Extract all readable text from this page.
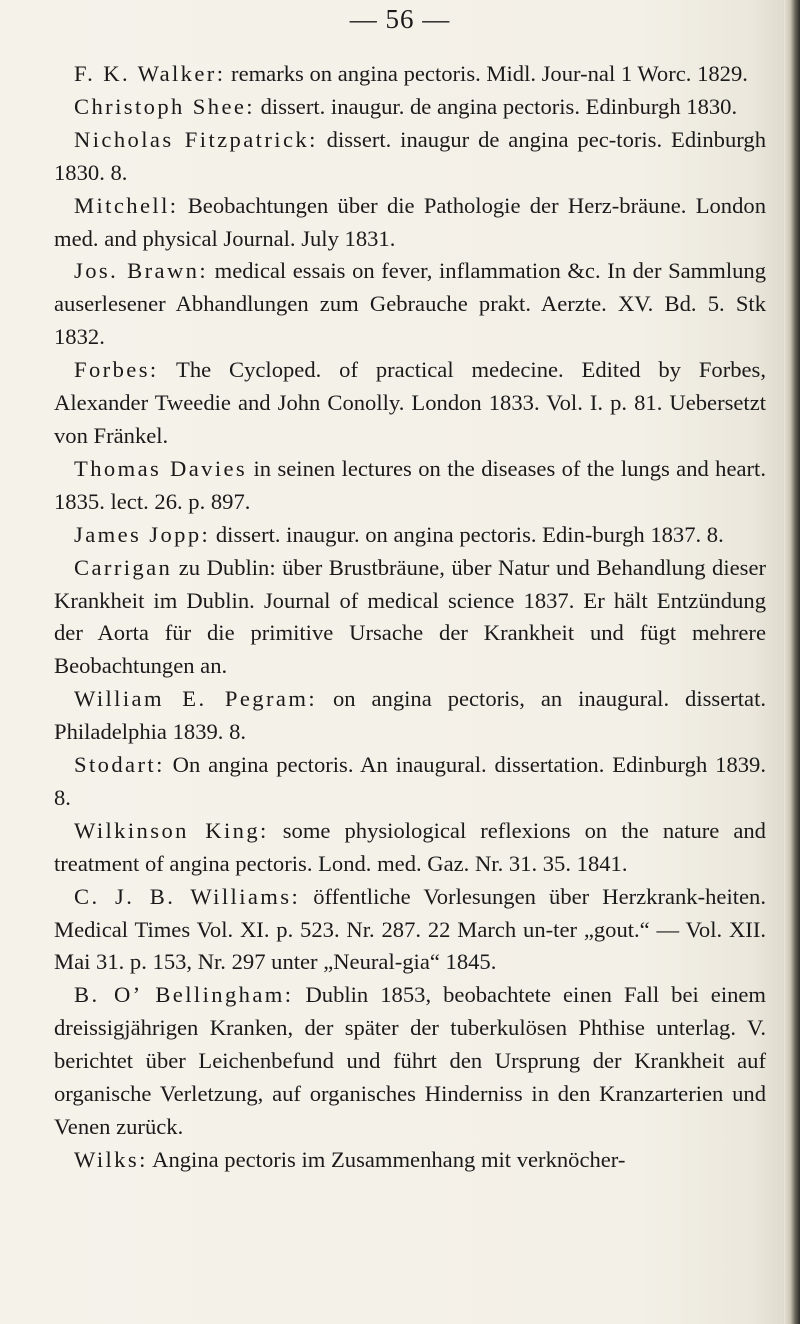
— 56 —

F. K. Walker: remarks on angina pectoris. Midl. Jour-nal 1 Worc. 1829.

Christoph Shee: dissert. inaugur. de angina pectoris. Edinburgh 1830.

Nicholas Fitzpatrick: dissert. inaugur de angina pec-toris. Edinburgh 1830. 8.

Mitchell: Beobachtungen über die Pathologie der Herz-bräune. London med. and physical Journal. July 1831.

Jos. Brawn: medical essais on fever, inflammation &c. In der Sammlung auserlesener Abhandlungen zum Gebrauche prakt. Aerzte. XV. Bd. 5. Stk 1832.

Forbes: The Cycloped. of practical medecine. Edited by Forbes, Alexander Tweedie and John Conolly. London 1833. Vol. I. p. 81. Uebersetzt von Fränkel.

Thomas Davies in seinen lectures on the diseases of the lungs and heart. 1835. lect. 26. p. 897.

James Jopp: dissert. inaugur. on angina pectoris. Edin-burgh 1837. 8.

Carrigan zu Dublin: über Brustbräune, über Natur und Behandlung dieser Krankheit im Dublin. Journal of medical science 1837. Er hält Entzündung der Aorta für die primitive Ursache der Krankheit und fügt mehrere Beobachtungen an.

William E. Pegram: on angina pectoris, an inaugural. dissertat. Philadelphia 1839. 8.

Stodart: On angina pectoris. An inaugural. dissertation. Edinburgh 1839. 8.

Wilkinson King: some physiological reflexions on the nature and treatment of angina pectoris. Lond. med. Gaz. Nr. 31. 35. 1841.

C. J. B. Williams: öffentliche Vorlesungen über Herzkrank-heiten. Medical Times Vol. XI. p. 523. Nr. 287. 22 March un-ter „gout.“ — Vol. XII. Mai 31. p. 153, Nr. 297 unter „Neural-gia“ 1845.

B. O’ Bellingham: Dublin 1853, beobachtete einen Fall bei einem dreissigjährigen Kranken, der später der tuberkulösen Phthise unterlag. V. berichtet über Leichenbefund und führt den Ursprung der Krankheit auf organische Verletzung, auf organisches Hinderniss in den Kranzarterien und Venen zurück.

Wilks: Angina pectoris im Zusammenhang mit verknöcher-
